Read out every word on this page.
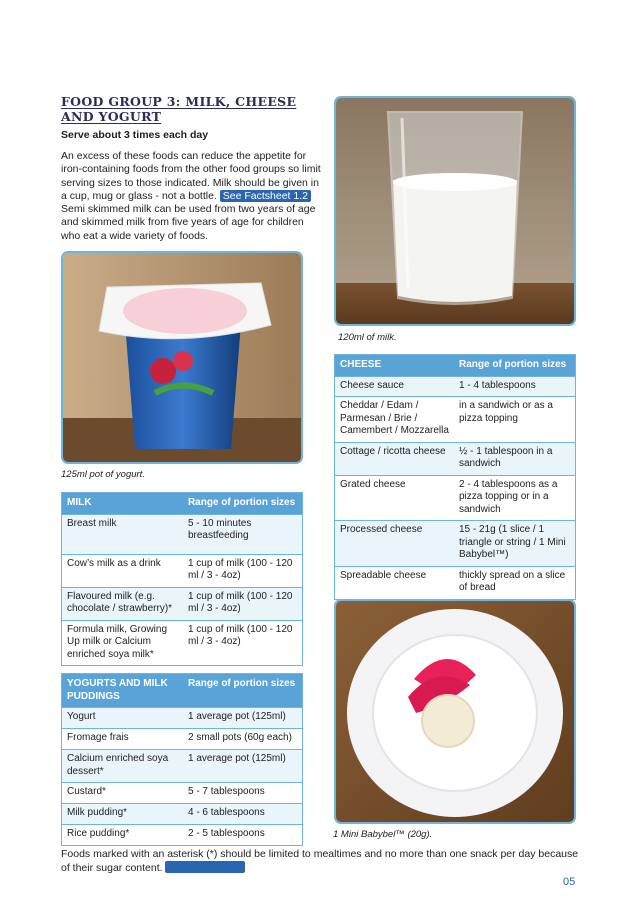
FOOD GROUP 3: MILK, CHEESE
AND YOGURT
Serve about 3 times each day
An excess of these foods can reduce the appetite for iron-containing foods from the other food groups so limit serving sizes to those indicated. Milk should be given in a cup, mug or glass - not a bottle. See Factsheet 1.2 Semi skimmed milk can be used from two years of age and skimmed milk from five years of age for children who eat a wide variety of foods.
120ml of milk.
125ml pot of yogurt.
1 Mini Babybel™ (20g).
MILK	Range of portion sizes
Breast milk	5 - 10 minutes breastfeeding
Cow’s milk as a drink	1 cup of milk (100 - 120 ml / 3 - 4oz)
Flavoured milk (e.g. chocolate / strawberry)*	1 cup of milk (100 - 120 ml / 3 - 4oz)
Formula milk, Growing Up milk or Calcium enriched soya milk*	1 cup of milk (100 - 120 ml / 3 - 4oz)
YOGURTS AND MILK PUDDINGS	Range of portion sizes
Yogurt	1 average pot (125ml)
Fromage frais	2 small pots (60g each)
Calcium enriched soya dessert*	1 average pot (125ml)
Custard*	5 - 7 tablespoons
Milk pudding*	4 - 6 tablespoons
Rice pudding*	2 - 5 tablespoons
CHEESE	Range of portion sizes
Cheese sauce	1 - 4 tablespoons
Cheddar / Edam / Parmesan / Brie / Camembert / Mozzarella	in a sandwich or as a pizza topping
Cottage / ricotta cheese	½ - 1 tablespoon in a sandwich
Grated cheese	2 - 4 tablespoons as a pizza topping or in a sandwich
Processed cheese	15 - 21g (1 slice / 1 triangle or string / 1 Mini Babybel™)
Spreadable cheese	thickly spread on a slice of bread
Foods marked with an asterisk (*) should be limited to mealtimes and no more than one snack per day because of their sugar content.
05
